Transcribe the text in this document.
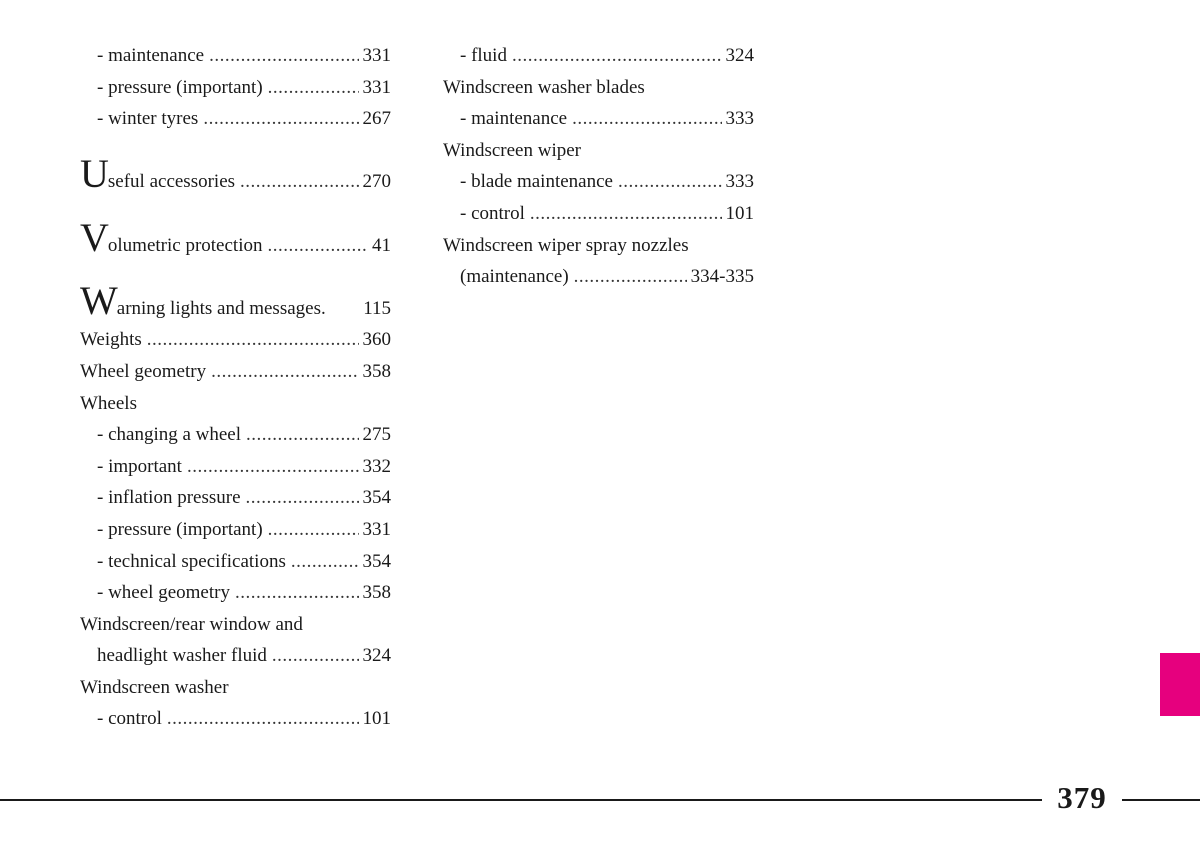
- maintenance .....	331
- pressure (important) .....	331
- winter tyres .....	267
Useful accessories .....	270
Volumetric protection .....	41
Warning lights and messages. 115
Weights .....	360
Wheel geometry .....	358
Wheels
- changing a wheel .....	275
- important .....	332
- inflation pressure .....	354
- pressure (important) .....	331
- technical specifications .....	354
- wheel geometry .....	358
Windscreen/rear window and
headlight washer fluid .....	324
Windscreen washer
- control .....	101
- fluid .....	324
Windscreen washer blades
- maintenance .....	333
Windscreen wiper
- blade maintenance .....	333
- control .....	101
Windscreen wiper spray nozzles
(maintenance) .....	334-335
379
